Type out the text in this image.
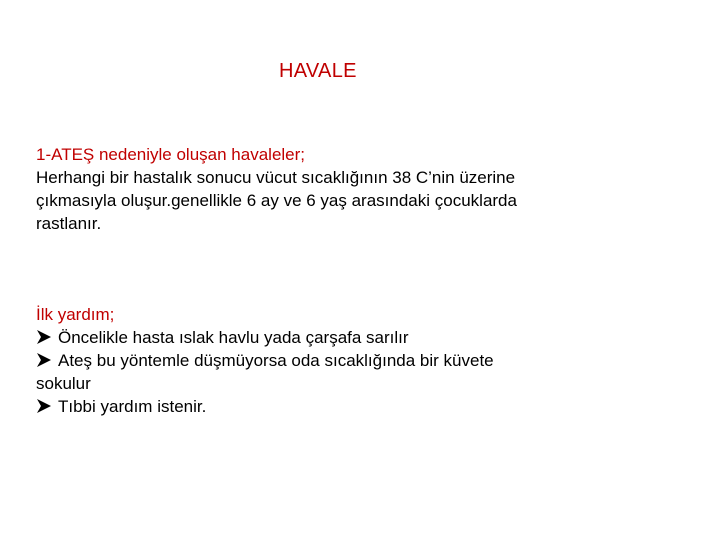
HAVALE
1-ATEŞ nedeniyle oluşan havaleler;
Herhangi bir hastalık sonucu vücut sıcaklığının 38 C’nin üzerine
çıkmasıyla oluşur.genellikle 6 ay ve 6 yaş arasındaki çocuklarda
rastlanır.
İlk yardım;
Öncelikle hasta ıslak havlu yada çarşafa sarılır
Ateş bu yöntemle düşmüyorsa oda sıcaklığında bir küvete
sokulur
Tıbbi yardım istenir.
